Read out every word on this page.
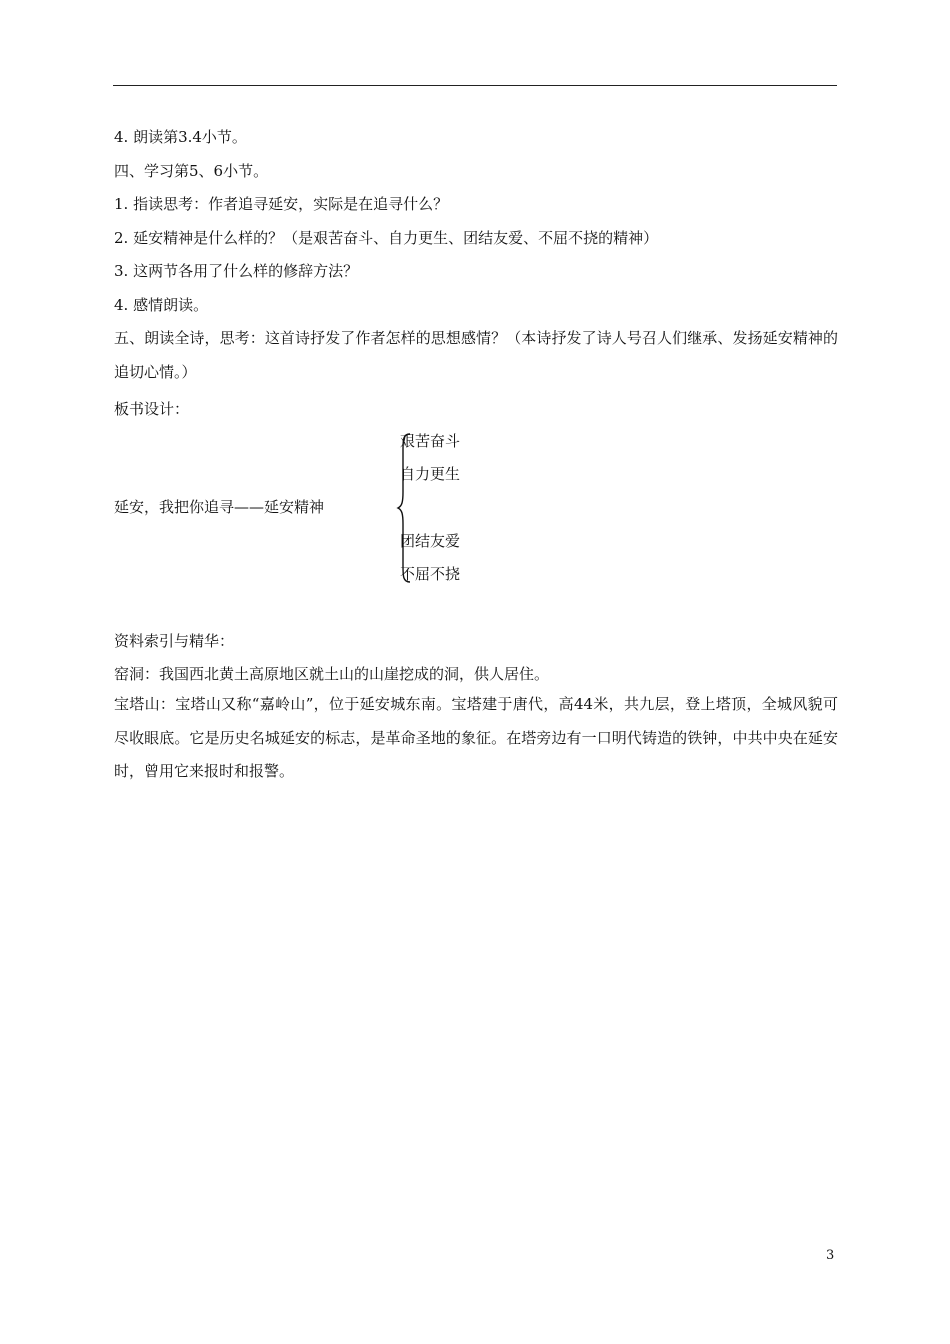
4. 朗读第3.4小节。
四、学习第5、6小节。
1. 指读思考：作者追寻延安，实际是在追寻什么？
2. 延安精神是什么样的？（是艰苦奋斗、自力更生、团结友爱、不屈不挠的精神）
3. 这两节各用了什么样的修辞方法？
4. 感情朗读。
五、朗读全诗，思考：这首诗抒发了作者怎样的思想感情？（本诗抒发了诗人号召人们继承、发扬延安精神的追切心情。）
板书设计：
延安，我把你追寻——延安精神
艰苦奋斗
自力更生
团结友爱
不屈不挠
资料索引与精华：
窑洞：我国西北黄土高原地区就土山的山崖挖成的洞，供人居住。
宝塔山：宝塔山又称“嘉岭山”，位于延安城东南。宝塔建于唐代，高44米，共九层，登上塔顶，全城风貌可尽收眼底。它是历史名城延安的标志，是革命圣地的象征。在塔旁边有一口明代铸造的铁钟，中共中央在延安时，曾用它来报时和报警。
3
